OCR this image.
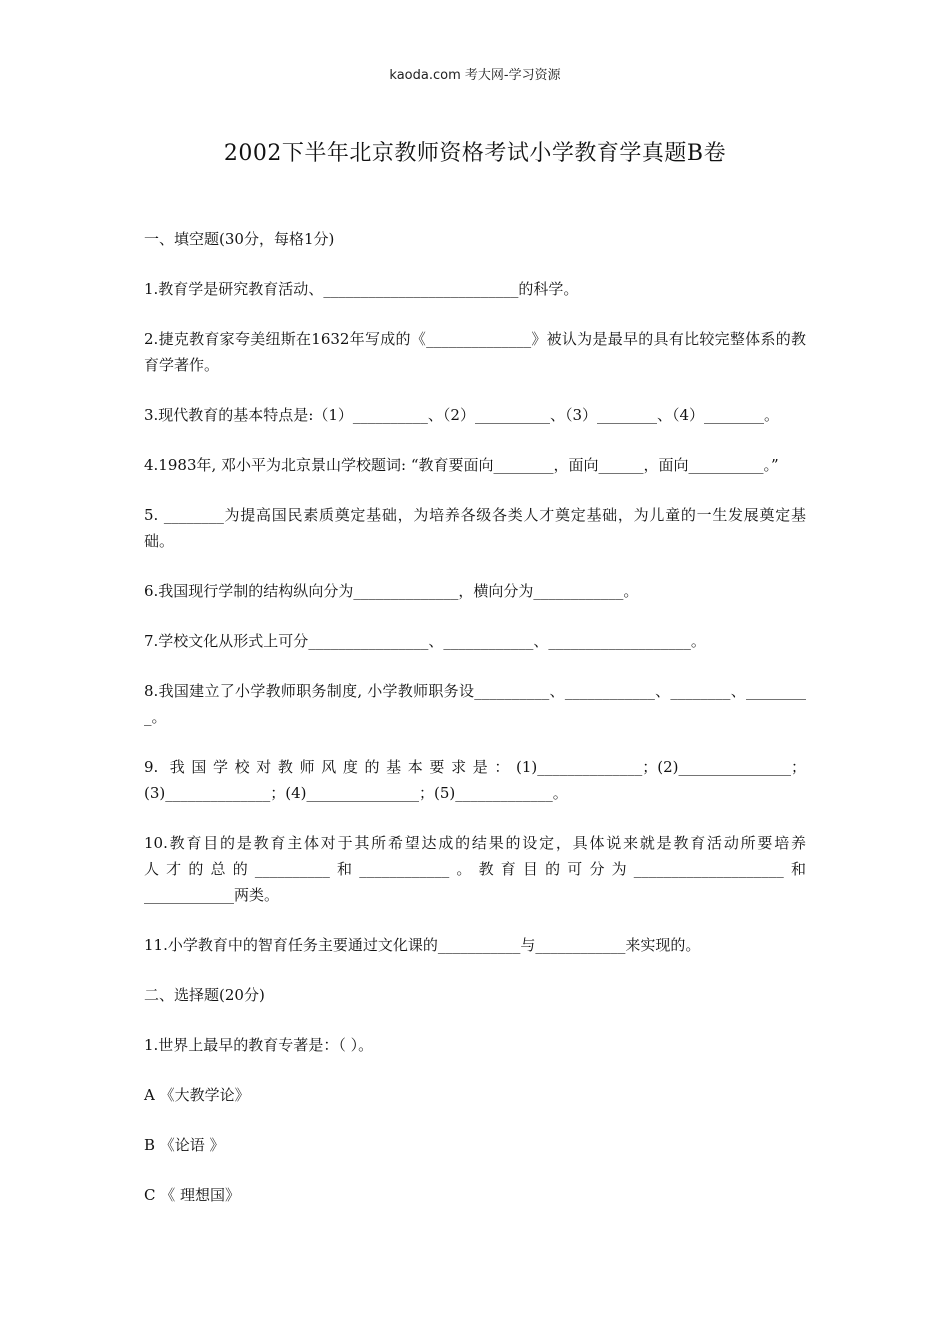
kaoda.com 考大网-学习资源
2002下半年北京教师资格考试小学教育学真题B卷

一、填空题(30分，每格1分)

1.教育学是研究教育活动、__________________________的科学。

2.捷克教育家夸美纽斯在1632年写成的《______________》被认为是最早的具有比较完整体系的教育学著作。

3.现代教育的基本特点是:（1）__________、（2）__________、（3）________、（4）________。

4.1983年, 邓小平为北京景山学校题词: “教育要面向________，面向______，面向__________。”

5. ________为提高国民素质奠定基础，为培养各级各类人才奠定基础，为儿童的一生发展奠定基础。

6.我国现行学制的结构纵向分为______________，横向分为____________。

7.学校文化从形式上可分________________、____________、___________________。

8.我国建立了小学教师职务制度, 小学教师职务设__________、____________、________、_________。

9. 我国学校对教师风度的基本要求是：(1)______________；(2)_______________；
(3)______________；(4)_______________；(5)_____________。
10.教育目的是教育主体对于其所希望达成的结果的设定，具体说来就是教育活动所要培养
人才的总的__________和____________。教育目的可分为____________________和
____________两类。

11.小学教育中的智育任务主要通过文化课的___________与____________来实现的。

二、选择题(20分)

1.世界上最早的教育专著是：（ ）。

A 《大教学论》

B 《论语 》

C 《 理想国》
